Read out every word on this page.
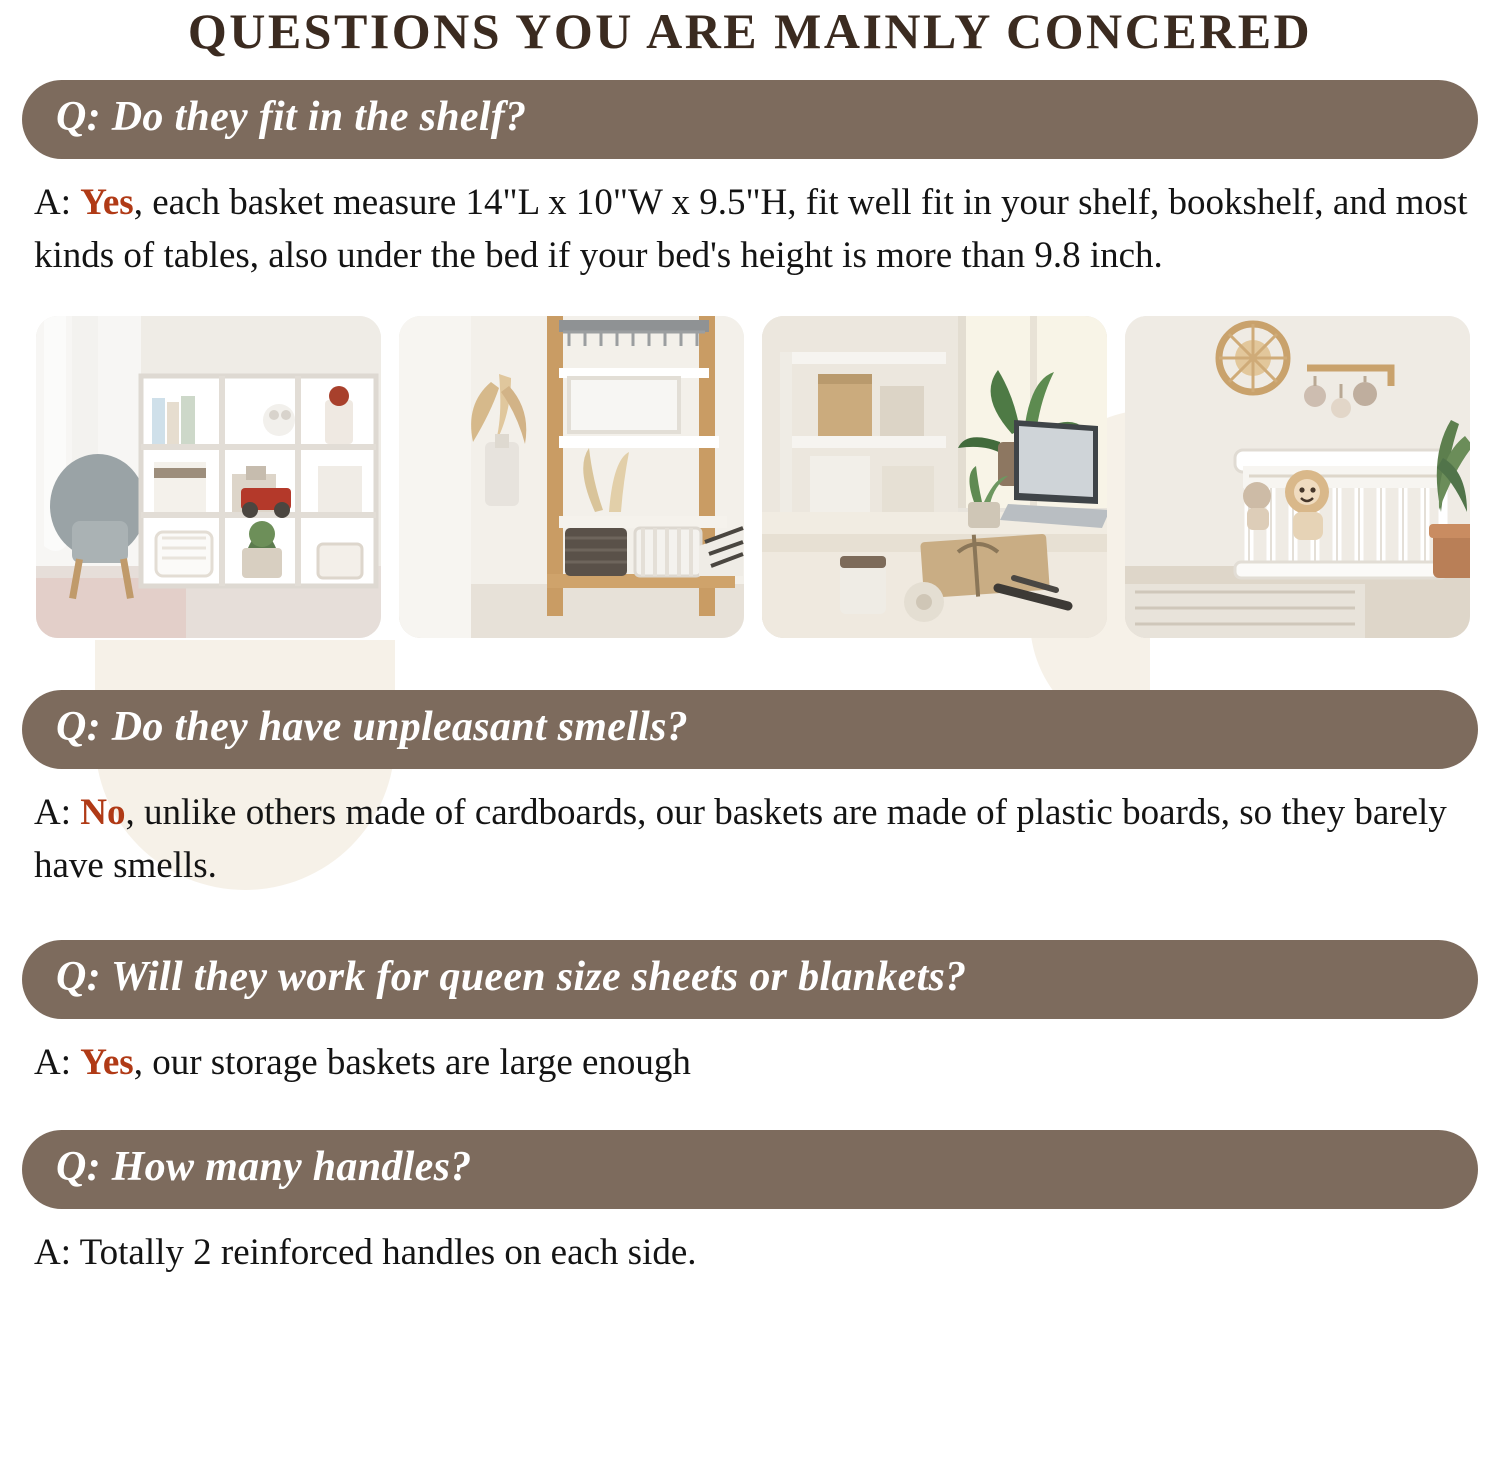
QUESTIONS YOU ARE MAINLY CONCERED
Q: Do they fit in the shelf?
A: Yes, each basket measure 14"L x 10"W x 9.5"H, fit well fit in your shelf, bookshelf, and most kinds of tables, also under the bed if your bed's height is more than 9.8 inch.
Q: Do they have unpleasant smells?
A: No, unlike others made of cardboards, our baskets are made of plastic boards, so they barely have smells.
Q: Will they work for queen size sheets or blankets?
A: Yes, our storage baskets are large enough
Q: How many handles?
A: Totally 2 reinforced handles on each side.
